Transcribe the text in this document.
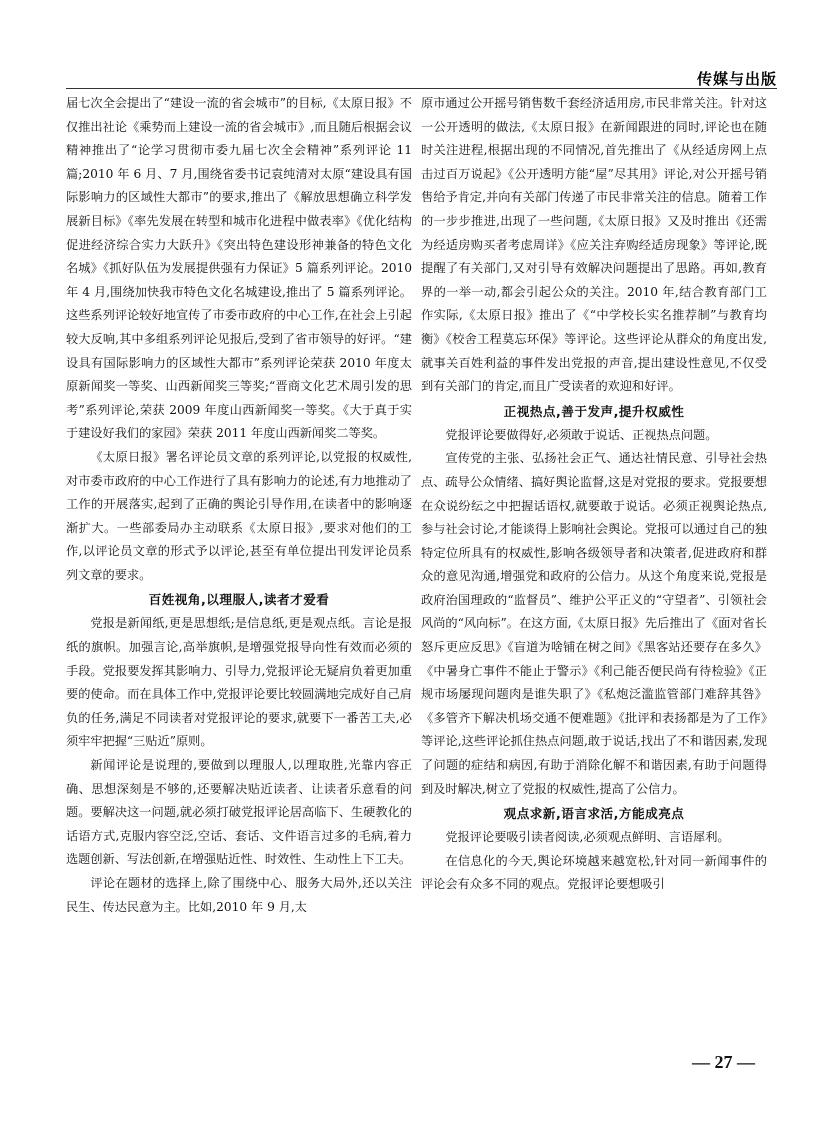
传媒与出版

届七次全会提出了“建设一流的省会城市”的目标,《太原日报》不仅推出社论《乘势而上建设一流的省会城市》,而且随后根据会议精神推出了“论学习贯彻市委九届七次全会精神”系列评论 11 篇;2010 年 6 月、7 月,围绕省委书记袁纯清对太原“建设具有国际影响力的区域性大都市”的要求,推出了《解放思想确立科学发展新目标》《率先发展在转型和城市化进程中做表率》《优化结构促进经济综合实力大跃升》《突出特色建设形神兼备的特色文化名城》《抓好队伍为发展提供强有力保证》5 篇系列评论。2010 年 4 月,围绕加快我市特色文化名城建设,推出了 5 篇系列评论。这些系列评论较好地宣传了市委市政府的中心工作,在社会上引起较大反响,其中多组系列评论见报后,受到了省市领导的好评。“建设具有国际影响力的区域性大都市”系列评论荣获 2010 年度太原新闻奖一等奖、山西新闻奖三等奖;“晋商文化艺术周引发的思考”系列评论,荣获 2009 年度山西新闻奖一等奖。《大于真于实于建设好我们的家园》荣获 2011 年度山西新闻奖二等奖。

《太原日报》署名评论员文章的系列评论,以党报的权威性,对市委市政府的中心工作进行了具有影响力的论述,有力地推动了工作的开展落实,起到了正确的舆论引导作用,在读者中的影响逐渐扩大。一些部委局办主动联系《太原日报》,要求对他们的工作,以评论员文章的形式予以评论,甚至有单位提出刊发评论员系列文章的要求。

百姓视角,以理服人,读者才爱看

党报是新闻纸,更是思想纸;是信息纸,更是观点纸。言论是报纸的旗帜。加强言论,高举旗帜,是增强党报导向性有效而必须的手段。党报要发挥其影响力、引导力,党报评论无疑肩负着更加重要的使命。而在具体工作中,党报评论要比较圆满地完成好自己肩负的任务,满足不同读者对党报评论的要求,就要下一番苦工夫,必须牢牢把握“三贴近”原则。

新闻评论是说理的,要做到以理服人,以理取胜,光靠内容正确、思想深刻是不够的,还要解决贴近读者、让读者乐意看的问题。要解决这一问题,就必须打破党报评论居高临下、生硬教化的话语方式,克服内容空泛,空话、套话、文件语言过多的毛病,着力选题创新、写法创新,在增强贴近性、时效性、生动性上下工夫。

评论在题材的选择上,除了围绕中心、服务大局外,还以关注民生、传达民意为主。比如,2010 年 9 月,太

原市通过公开摇号销售数千套经济适用房,市民非常关注。针对这一公开透明的做法,《太原日报》在新闻跟进的同时,评论也在随时关注进程,根据出现的不同情况,首先推出了《从经适房网上点击过百万说起》《公开透明方能“屋”尽其用》评论,对公开摇号销售给予肯定,并向有关部门传递了市民非常关注的信息。随着工作的一步步推进,出现了一些问题,《太原日报》又及时推出《还需为经适房购买者考虑周详》《应关注弃购经适房现象》等评论,既提醒了有关部门,又对引导有效解决问题提出了思路。再如,教育界的一举一动,都会引起公众的关注。2010 年,结合教育部门工作实际,《太原日报》推出了《“中学校长实名推荐制”与教育均衡》《校舍工程莫忘环保》等评论。这些评论从群众的角度出发,就事关百姓利益的事件发出党报的声音,提出建设性意见,不仅受到有关部门的肯定,而且广受读者的欢迎和好评。

正视热点,善于发声,提升权威性

党报评论要做得好,必须敢于说话、正视热点问题。

宣传党的主张、弘扬社会正气、通达社情民意、引导社会热点、疏导公众情绪、搞好舆论监督,这是对党报的要求。党报要想在众说纷纭之中把握话语权,就要敢于说话。必须正视舆论热点,参与社会讨论,才能谈得上影响社会舆论。党报可以通过自己的独特定位所具有的权威性,影响各级领导者和决策者,促进政府和群众的意见沟通,增强党和政府的公信力。从这个角度来说,党报是政府治国理政的“监督员”、维护公平正义的“守望者”、引领社会风尚的“风向标”。在这方面,《太原日报》先后推出了《面对省长怒斥更应反思》《盲道为啥铺在树之间》《黑客站还要存在多久》《中暑身亡事件不能止于警示》《利己能否便民尚有待检验》《正规市场屡现问题肉是谁失职了》《私炮泛滥监管部门难辞其咎》《多管齐下解决机场交通不便难题》《批评和表扬都是为了工作》等评论,这些评论抓住热点问题,敢于说话,找出了不和谐因素,发现了问题的症结和病因,有助于消除化解不和谐因素,有助于问题得到及时解决,树立了党报的权威性,提高了公信力。

观点求新,语言求活,方能成亮点

党报评论要吸引读者阅读,必须观点鲜明、言语犀利。

在信息化的今天,舆论环境越来越宽松,针对同一新闻事件的评论会有众多不同的观点。党报评论要想吸引

— 27 —
